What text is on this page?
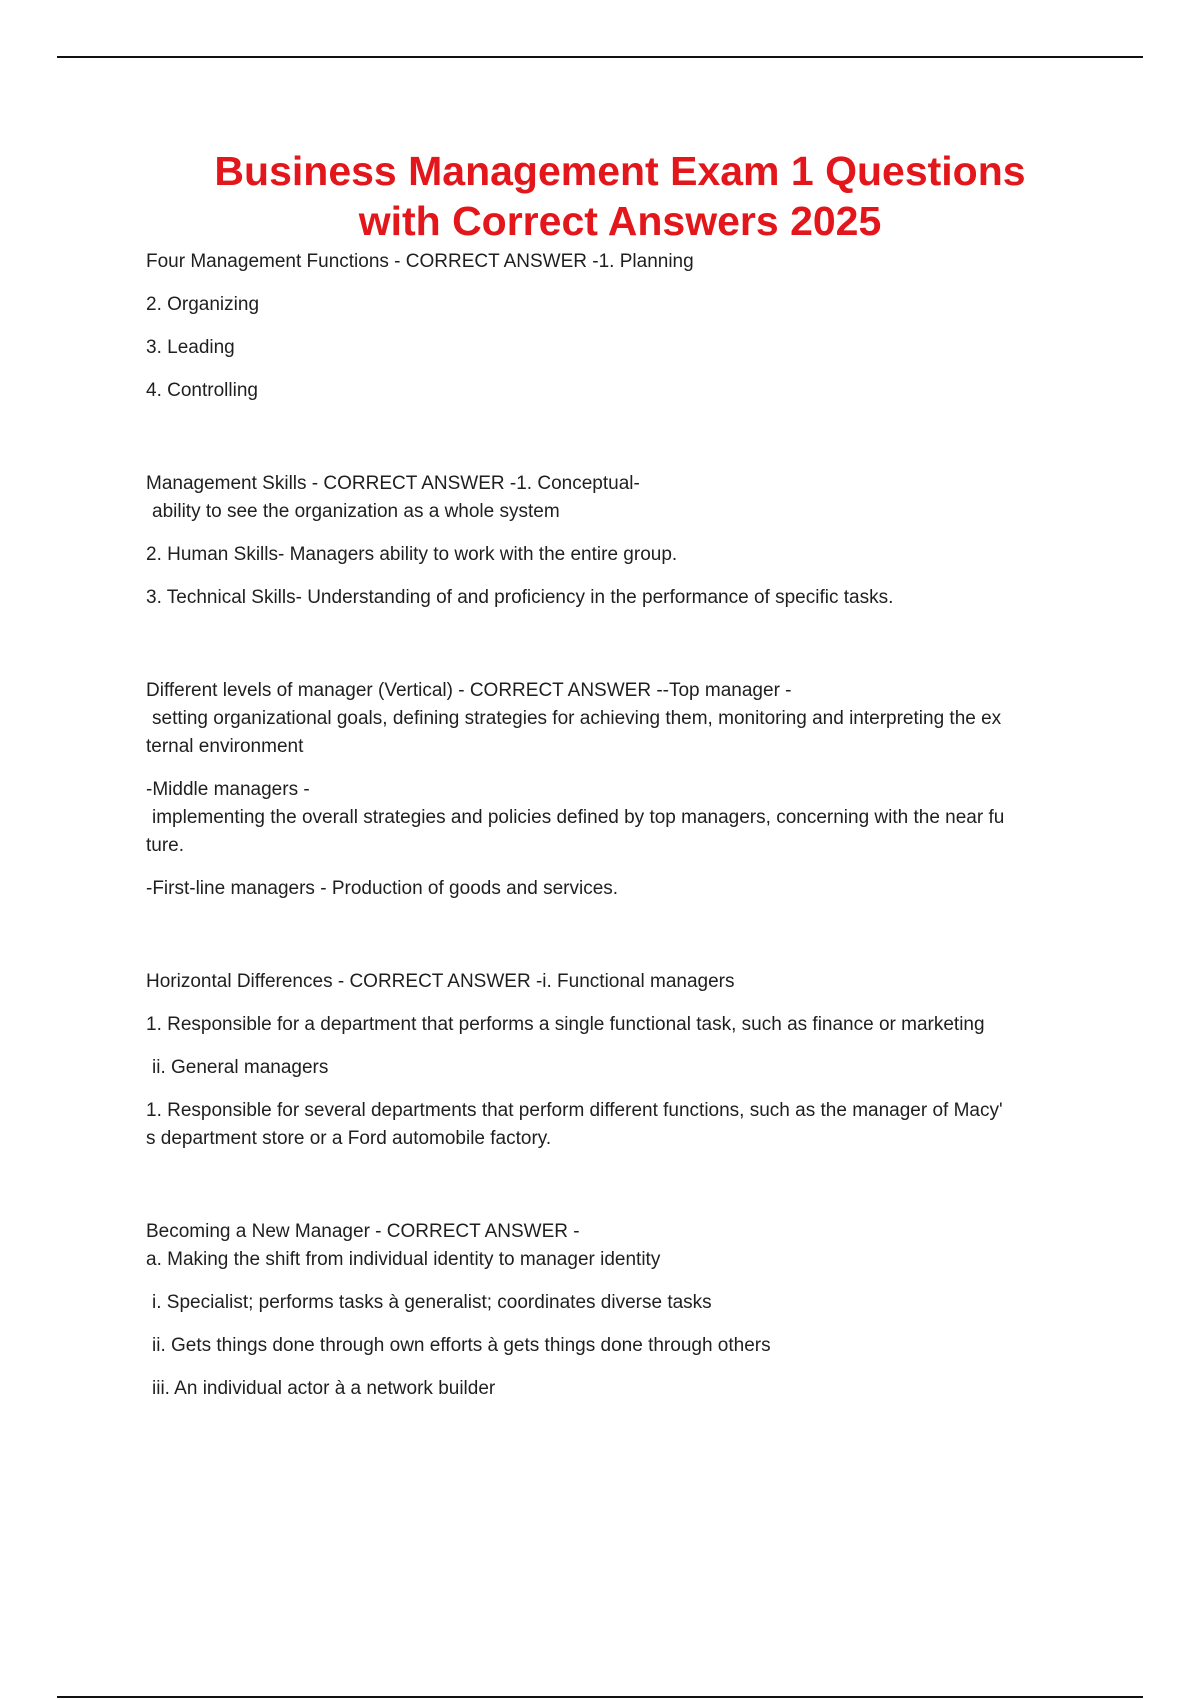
Business Management Exam 1 Questions
with Correct Answers 2025

Four Management Functions - CORRECT ANSWER -1. Planning

2. Organizing

3. Leading

4. Controlling

Management Skills - CORRECT ANSWER -1. Conceptual-
ability to see the organization as a whole system

2. Human Skills- Managers ability to work with the entire group.

3. Technical Skills- Understanding of and proficiency in the performance of specific tasks.

Different levels of manager (Vertical) - CORRECT ANSWER --Top manager -
setting organizational goals, defining strategies for achieving them, monitoring and interpreting the ex
ternal environment

-Middle managers -
implementing the overall strategies and policies defined by top managers, concerning with the near fu
ture.

-First-line managers - Production of goods and services.

Horizontal Differences - CORRECT ANSWER -i. Functional managers

1. Responsible for a department that performs a single functional task, such as finance or marketing

ii. General managers

1. Responsible for several departments that perform different functions, such as the manager of Macy'
s department store or a Ford automobile factory.

Becoming a New Manager - CORRECT ANSWER -
a. Making the shift from individual identity to manager identity

i. Specialist; performs tasks à generalist; coordinates diverse tasks

ii. Gets things done through own efforts à gets things done through others

iii. An individual actor à a network builder
